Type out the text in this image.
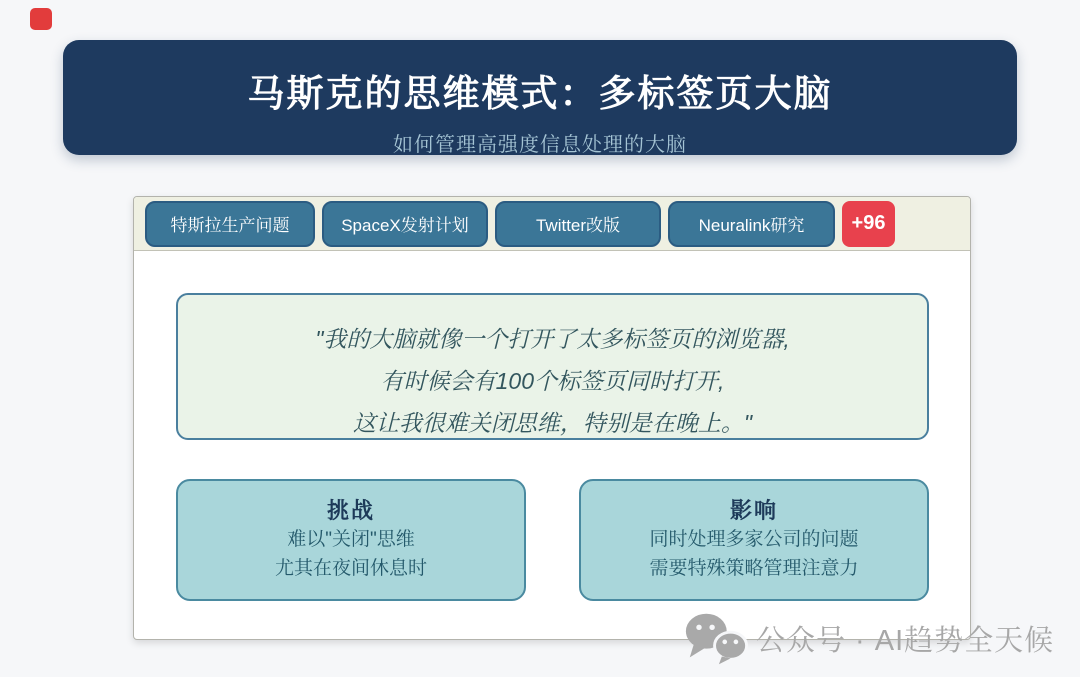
马斯克的思维模式：多标签页大脑
如何管理高强度信息处理的大脑
特斯拉生产问题	SpaceX发射计划	Twitter改版	Neuralink研究	+96
"我的大脑就像一个打开了太多标签页的浏览器,
有时候会有100个标签页同时打开,
这让我很难关闭思维，特别是在晚上。"
挑战
难以"关闭"思维
尤其在夜间休息时
影响
同时处理多家公司的问题
需要特殊策略管理注意力
公众号 · AI趋势全天候
